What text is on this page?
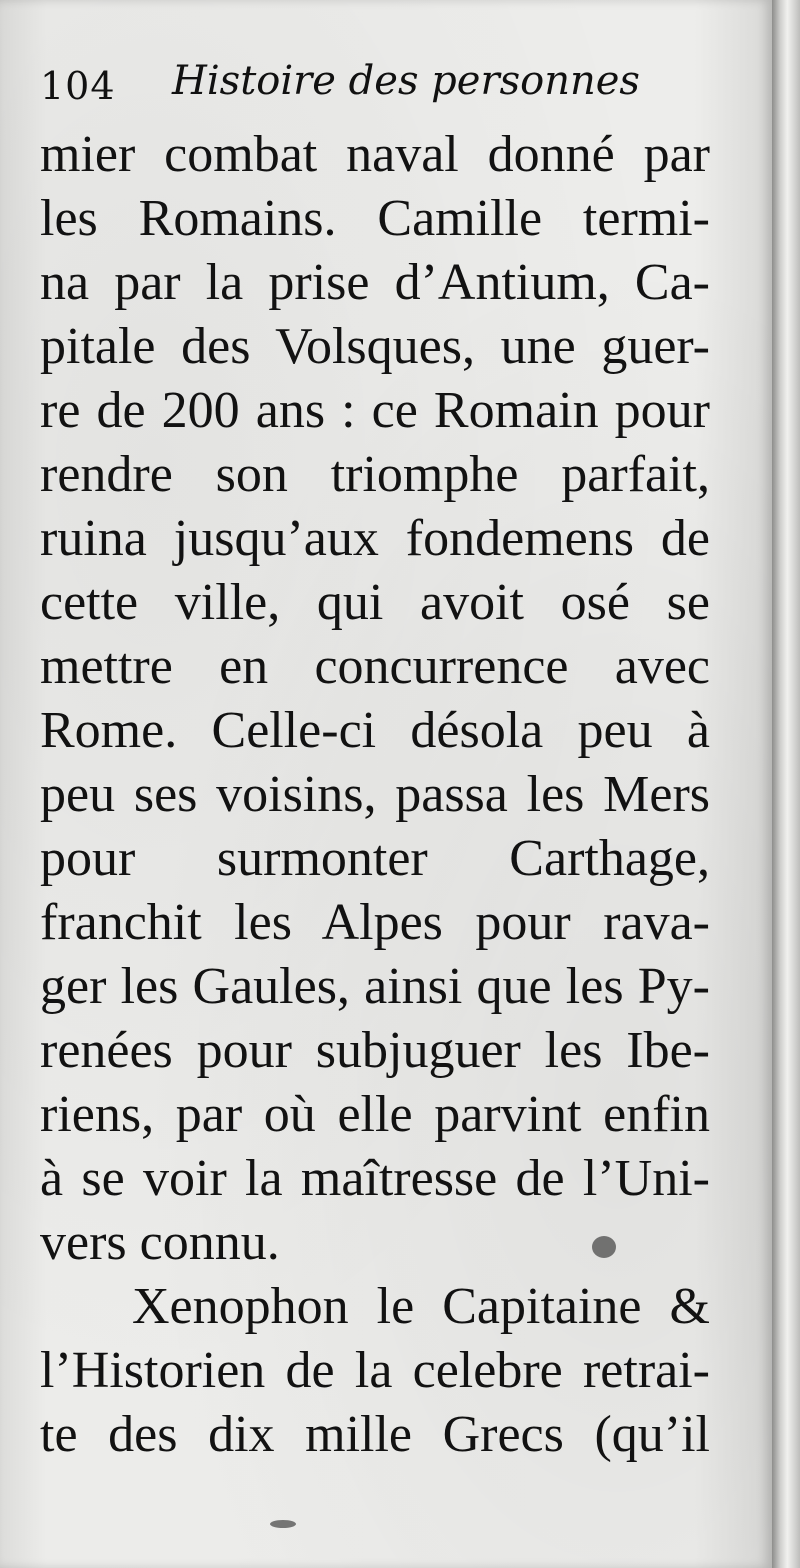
104 Histoire des personnes
mier combat naval donné par
les Romains. Camille termi-
na par la prise d’Antium, Ca-
pitale des Volsques, une guer-
re de 200 ans : ce Romain pour
rendre son triomphe parfait,
ruina jusqu’aux fondemens de
cette ville, qui avoit osé se
mettre en concurrence avec
Rome. Celle-ci désola peu à
peu ses voisins, passa les Mers
pour surmonter Carthage,
franchit les Alpes pour rava-
ger les Gaules, ainsi que les Py-
renées pour subjuguer les Ibe-
riens, par où elle parvint enfin
à se voir la maîtresse de l’Uni-
vers connu.
Xenophon le Capitaine &
l’Historien de la celebre retrai-
te des dix mille Grecs (qu’il
